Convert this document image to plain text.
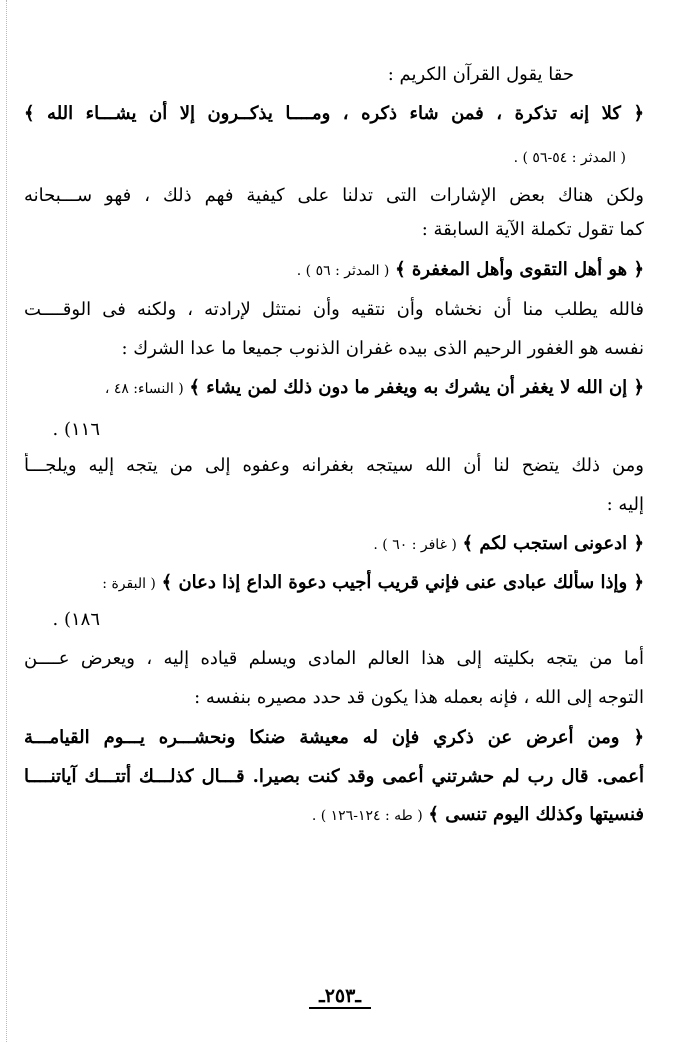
حقا يقول القرآن الكريم :
﴿ كلا إنه تذكرة ، فمن شاء ذكره ، ومــــا يذكــرون إلا أن يشـــاء الله ﴾
( المدثر : ٥٤-٥٦ ) .
ولكن هناك بعض الإشارات التى تدلنا على كيفية فهم ذلك ، فهو ســـبحانه
كما تقول تكملة الآية السابقة :
﴿ هو أهل التقوى وأهل المغفرة ﴾ ( المدثر : ٥٦ ) .
فالله يطلب منا أن نخشاه وأن نتقيه وأن نمتثل لإرادته ، ولكنه فى الوقــــت
نفسه هو الغفور الرحيم الذى بيده غفران الذنوب جميعا ما عدا الشرك :
﴿ إن الله لا يغفر أن يشرك به ويغفر ما دون ذلك لمن يشاء ﴾ ( النساء: ٤٨ ،
١١٦) .
ومن ذلك يتضح لنا أن الله سيتجه بغفرانه وعفوه إلى من يتجه إليه ويلجـــأ
إليه :
﴿ ادعونى استجب لكم ﴾ ( غافر : ٦٠ ) .
﴿ وإذا سألك عبادى عنى فإني قريب أجيب دعوة الداع إذا دعان ﴾ ( البقرة :
١٨٦) .
أما من يتجه بكليته إلى هذا العالم المادى ويسلم قياده إليه ، ويعرض عــــن
التوجه إلى الله ، فإنه بعمله هذا يكون قد حدد مصيره بنفسه :
﴿ ومن أعرض عن ذكري فإن له معيشة ضنكا ونحشـــره يـــوم القيامـــة
أعمى. قال رب لم حشرتني أعمى وقد كنت بصيرا. قـــال كذلـــك أتتـــك آياتنــــا
فنسيتها وكذلك اليوم تنسى ﴾ ( طه : ١٢٤-١٢٦ ) .
ـ٢٥٣ـ
